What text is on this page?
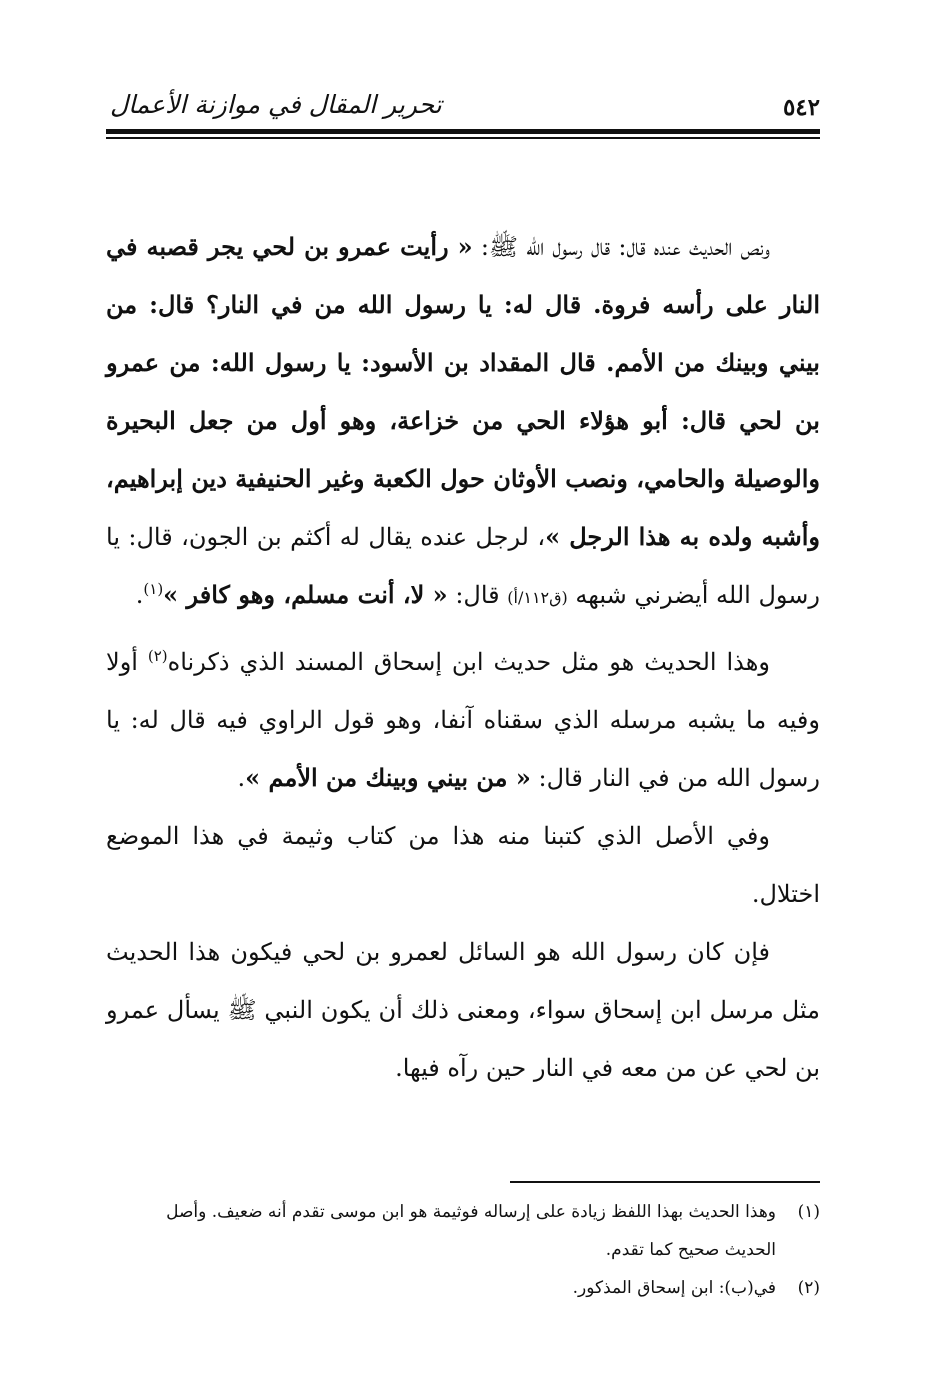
٥٤٢
تحرير المقال في موازنة الأعمال

ونص الحديث عنده قال: قال رسول الله ﷺ: « رأيت عمرو بن لحي يجر قصبه في النار على رأسه فروة. قال له: يا رسول الله من في النار؟ قال: من بيني وبينك من الأمم. قال المقداد بن الأسود: يا رسول الله: من عمرو بن لحي قال: أبو هؤلاء الحي من خزاعة، وهو أول من جعل البحيرة والوصيلة والحامي، ونصب الأوثان حول الكعبة وغير الحنيفية دين إبراهيم، وأشبه ولده به هذا الرجل »، لرجل عنده يقال له أكثم بن الجون، قال: يا رسول الله أيضرني شبهه (ق١١٢/أ) قال: « لا، أنت مسلم، وهو كافر »$^{(١)}$.

وهذا الحديث هو مثل حديث ابن إسحاق المسند الذي ذكرناه$^{(٢)}$ أولا وفيه ما يشبه مرسله الذي سقناه آنفا، وهو قول الراوي فيه قال له: يا رسول الله من في النار قال: « من بيني وبينك من الأمم ».

وفي الأصل الذي كتبنا منه هذا من كتاب وثيمة في هذا الموضع اختلال.

فإن كان رسول الله هو السائل لعمرو بن لحي فيكون هذا الحديث مثل مرسل ابن إسحاق سواء، ومعنى ذلك أن يكون النبي ﷺ يسأل عمرو بن لحي عن من معه في النار حين رآه فيها.

(١)وهذا الحديث بهذا اللفظ زيادة على إرساله فوثيمة هو ابن موسى تقدم أنه ضعيف. وأصل

الحديث صحيح كما تقدم.

(٢)في(ب): ابن إسحاق المذكور.
